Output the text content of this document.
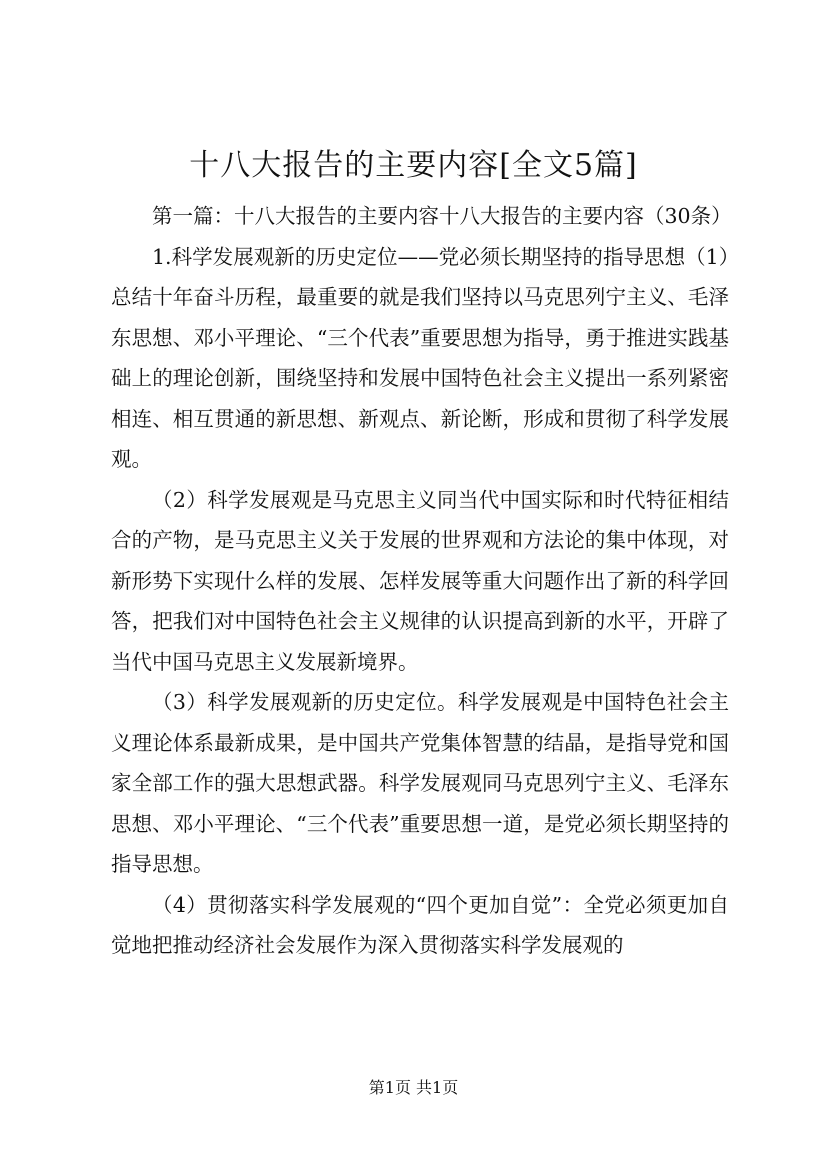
十八大报告的主要内容[全文5篇]

第一篇：十八大报告的主要内容十八大报告的主要内容（30条）

1.科学发展观新的历史定位——党必须长期坚持的指导思想（1）总结十年奋斗历程，最重要的就是我们坚持以马克思列宁主义、毛泽东思想、邓小平理论、“三个代表”重要思想为指导，勇于推进实践基础上的理论创新，围绕坚持和发展中国特色社会主义提出一系列紧密相连、相互贯通的新思想、新观点、新论断，形成和贯彻了科学发展观。

（2）科学发展观是马克思主义同当代中国实际和时代特征相结合的产物，是马克思主义关于发展的世界观和方法论的集中体现，对新形势下实现什么样的发展、怎样发展等重大问题作出了新的科学回答，把我们对中国特色社会主义规律的认识提高到新的水平，开辟了当代中国马克思主义发展新境界。

（3）科学发展观新的历史定位。科学发展观是中国特色社会主义理论体系最新成果，是中国共产党集体智慧的结晶，是指导党和国家全部工作的强大思想武器。科学发展观同马克思列宁主义、毛泽东思想、邓小平理论、“三个代表”重要思想一道，是党必须长期坚持的指导思想。

（4）贯彻落实科学发展观的“四个更加自觉”：全党必须更加自觉地把推动经济社会发展作为深入贯彻落实科学发展观的

第1页 共1页
